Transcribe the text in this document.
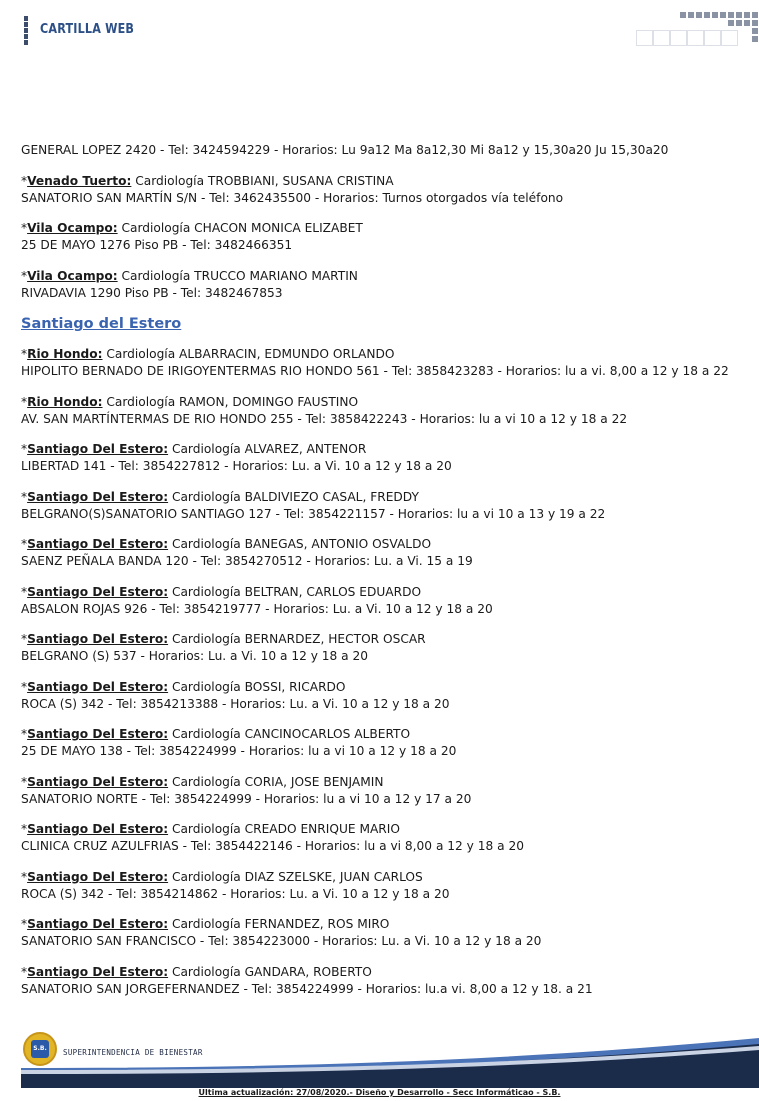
CARTILLA WEB
GENERAL LOPEZ 2420 - Tel: 3424594229 - Horarios: Lu 9a12 Ma 8a12,30 Mi 8a12 y 15,30a20 Ju 15,30a20
*Venado Tuerto: Cardiología TROBBIANI, SUSANA CRISTINA
SANATORIO SAN MARTÍN S/N - Tel: 3462435500 - Horarios: Turnos otorgados vía teléfono
*Vila Ocampo: Cardiología CHACON MONICA ELIZABET
25 DE MAYO 1276 Piso PB - Tel: 3482466351
*Vila Ocampo: Cardiología TRUCCO MARIANO MARTIN
RIVADAVIA 1290 Piso PB - Tel: 3482467853
Santiago del Estero
*Rio Hondo: Cardiología ALBARRACIN, EDMUNDO ORLANDO
HIPOLITO BERNADO DE IRIGOYENTERMAS RIO HONDO 561 - Tel: 3858423283 - Horarios: lu a vi. 8,00 a 12 y 18 a 22
*Rio Hondo: Cardiología RAMON, DOMINGO FAUSTINO
AV. SAN MARTÍNTERMAS DE RIO HONDO 255 - Tel: 3858422243 - Horarios: lu a vi 10 a 12 y 18 a 22
*Santiago Del Estero: Cardiología ALVAREZ, ANTENOR
LIBERTAD 141 - Tel: 3854227812 - Horarios: Lu. a Vi. 10 a 12 y 18 a 20
*Santiago Del Estero: Cardiología BALDIVIEZO CASAL, FREDDY
BELGRANO(S)SANATORIO SANTIAGO 127 - Tel: 3854221157 - Horarios: lu a vi 10 a 13 y 19 a 22
*Santiago Del Estero: Cardiología BANEGAS, ANTONIO OSVALDO
SAENZ PEÑALA BANDA 120 - Tel: 3854270512 - Horarios: Lu. a Vi. 15 a 19
*Santiago Del Estero: Cardiología BELTRAN, CARLOS EDUARDO
ABSALON ROJAS 926 - Tel: 3854219777 - Horarios: Lu. a Vi. 10 a 12 y 18 a 20
*Santiago Del Estero: Cardiología BERNARDEZ, HECTOR OSCAR
BELGRANO (S) 537 - Horarios: Lu. a Vi. 10 a 12 y 18 a 20
*Santiago Del Estero: Cardiología BOSSI, RICARDO
ROCA (S) 342 - Tel: 3854213388 - Horarios: Lu. a Vi. 10 a 12 y 18 a 20
*Santiago Del Estero: Cardiología CANCINOCARLOS ALBERTO
25 DE MAYO 138 - Tel: 3854224999 - Horarios: lu a vi 10 a 12 y 18 a 20
*Santiago Del Estero: Cardiología CORIA, JOSE BENJAMIN
SANATORIO NORTE - Tel: 3854224999 - Horarios: lu a vi 10 a 12 y 17 a 20
*Santiago Del Estero: Cardiología CREADO ENRIQUE MARIO
CLINICA CRUZ AZULFRIAS - Tel: 3854422146 - Horarios: lu a vi 8,00 a 12 y 18 a 20
*Santiago Del Estero: Cardiología DIAZ SZELSKE, JUAN CARLOS
ROCA (S) 342 - Tel: 3854214862 - Horarios: Lu. a Vi. 10 a 12 y 18 a 20
*Santiago Del Estero: Cardiología FERNANDEZ, ROS MIRO
SANATORIO SAN FRANCISCO - Tel: 3854223000 - Horarios: Lu. a Vi. 10 a 12 y 18 a 20
*Santiago Del Estero: Cardiología GANDARA, ROBERTO
SANATORIO SAN JORGEFERNANDEZ - Tel: 3854224999 - Horarios: lu.a vi. 8,00 a 12 y 18. a 21
S.B.	SUPERINTENDENCIA DE BIENESTAR
Ultima actualización: 27/08/2020.- Diseño y Desarrollo - Secc Informáticao - S.B.
